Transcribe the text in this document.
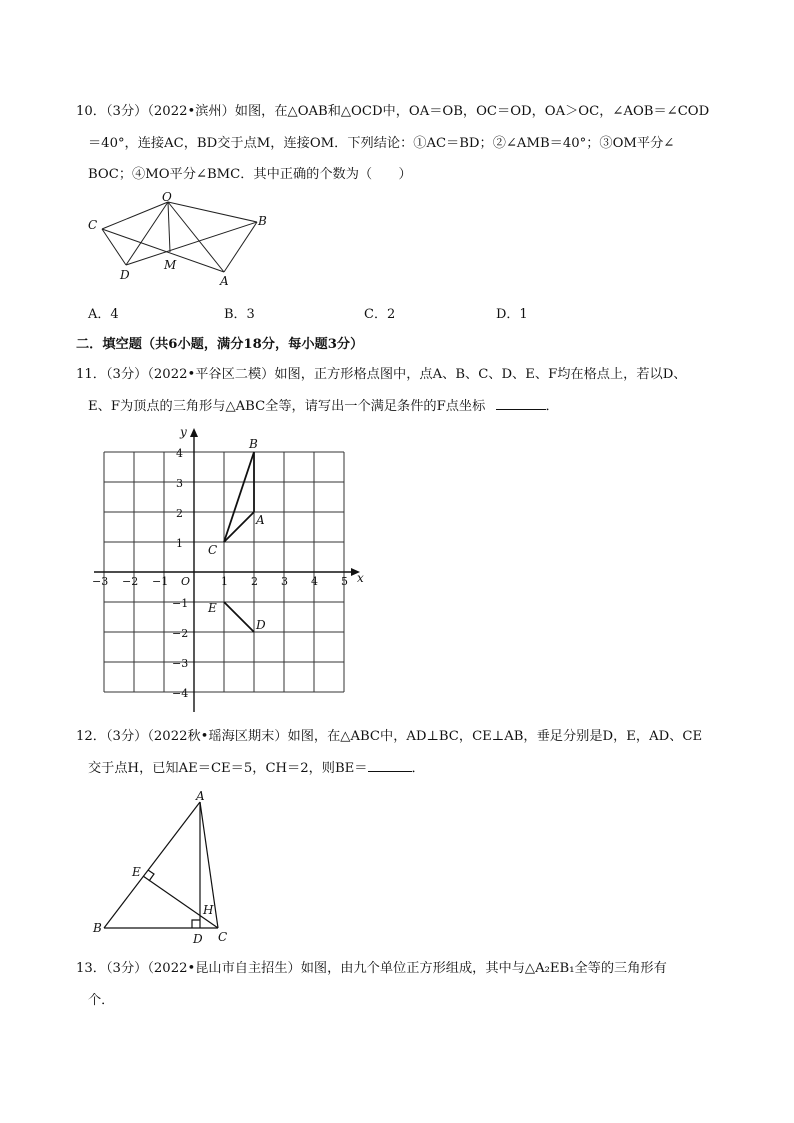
10．（3分）（2022•滨州）如图，在△OAB和△OCD中，OA＝OB，OC＝OD，OA＞OC，∠AOB＝∠COD
＝40°，连接AC，BD交于点M，连接OM．下列结论：①AC＝BD；②∠AMB＝40°；③OM平分∠
BOC；④MO平分∠BMC．其中正确的个数为（　　）
O
C	B
D
M
A
A．4	B．3	C．2	D．1
二．填空题（共6小题，满分18分，每小题3分）
11．（3分）（2022•平谷区二模）如图，正方形格点图中，点A、B、C、D、E、F均在格点上，若以D、
E、F为顶点的三角形与△ABC全等，请写出一个满足条件的F点坐标	．
x
y
O
−3 −2 −1	1 2 3 4 5
4
3
2
1
−1
−2
−3
−4
B
A
C
E
D
12．（3分）（2022秋•瑶海区期末）如图，在△ABC中，AD⊥BC，CE⊥AB，垂足分别是D，E，AD、CE
交于点H，已知AE＝CE＝5，CH＝2，则BE＝	．
A
E
H
B
D C
13．（3分）（2022•昆山市自主招生）如图，由九个单位正方形组成，其中与△A₂EB₁全等的三角形有
个．
